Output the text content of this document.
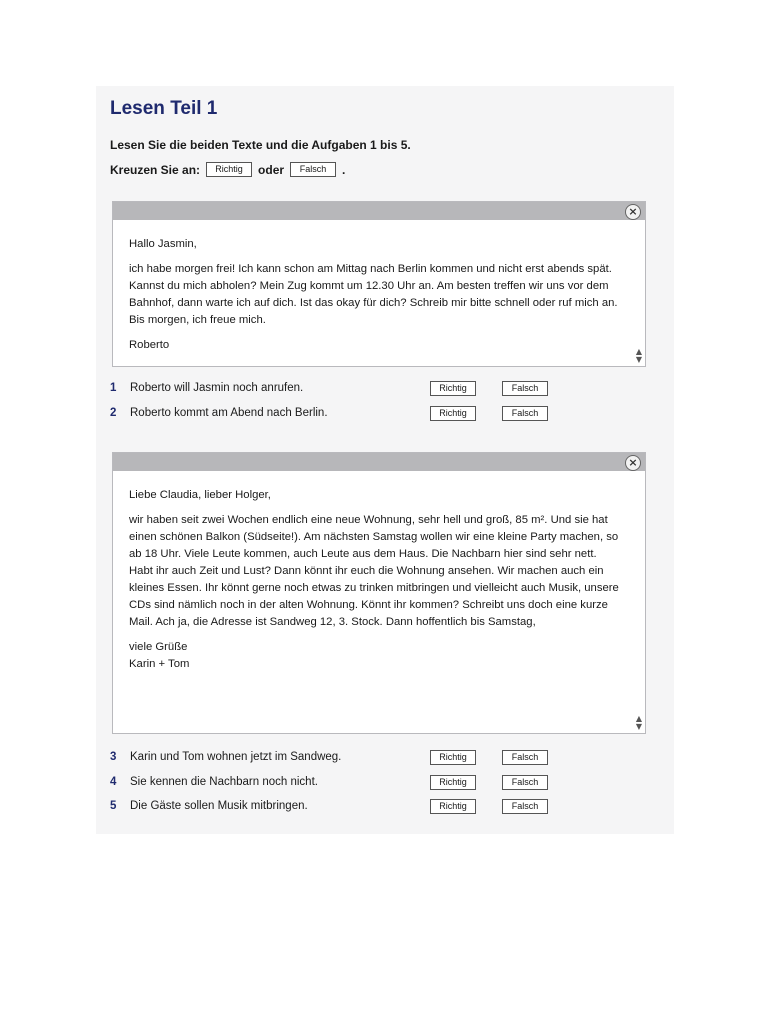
Lesen Teil 1
Lesen Sie die beiden Texte und die Aufgaben 1 bis 5.
Kreuzen Sie an:	Richtig	oder	Falsch	.
×

Hallo Jasmin,

ich habe morgen frei! Ich kann schon am Mittag nach Berlin kommen und nicht erst abends spät. Kannst du mich abholen? Mein Zug kommt um 12.30 Uhr an. Am besten treffen wir uns vor dem Bahnhof, dann warte ich auf dich. Ist das okay für dich? Schreib mir bitte schnell oder ruf mich an. Bis morgen, ich freue mich.

Roberto

▲
▼
1	Roberto will Jasmin noch anrufen.	Richtig	Falsch
2	Roberto kommt am Abend nach Berlin.	Richtig	Falsch
×

Liebe Claudia, lieber Holger,

wir haben seit zwei Wochen endlich eine neue Wohnung, sehr hell und groß, 85 m². Und sie hat einen schönen Balkon (Südseite!). Am nächsten Samstag wollen wir eine kleine Party machen, so ab 18 Uhr. Viele Leute kommen, auch Leute aus dem Haus. Die Nachbarn hier sind sehr nett. Habt ihr auch Zeit und Lust? Dann könnt ihr euch die Wohnung ansehen. Wir machen auch ein kleines Essen. Ihr könnt gerne noch etwas zu trinken mitbringen und vielleicht auch Musik, unsere CDs sind nämlich noch in der alten Wohnung. Könnt ihr kommen? Schreibt uns doch eine kurze Mail. Ach ja, die Adresse ist Sandweg 12, 3. Stock. Dann hoffentlich bis Samstag,

viele Grüße

Karin + Tom

▲
▼
3	Karin und Tom wohnen jetzt im Sandweg.	Richtig	Falsch
4	Sie kennen die Nachbarn noch nicht.	Richtig	Falsch
5	Die Gäste sollen Musik mitbringen.	Richtig	Falsch
